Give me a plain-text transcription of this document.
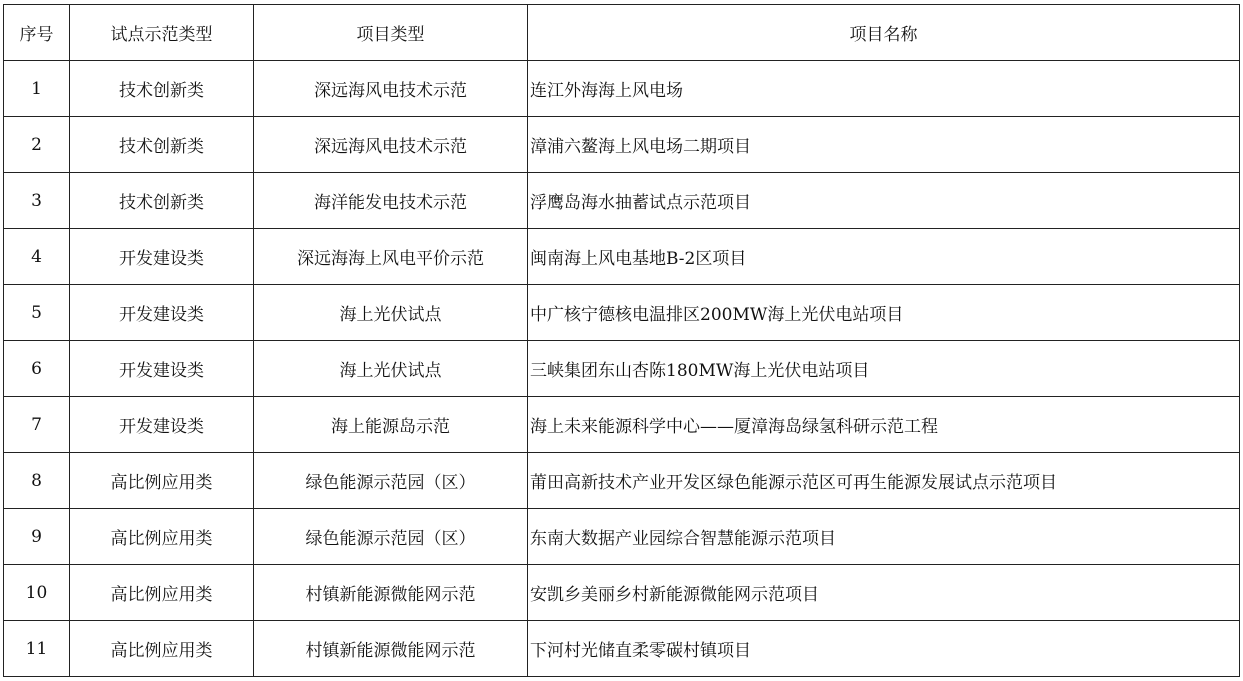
序号	试点示范类型	项目类型	项目名称
1	技术创新类	深远海风电技术示范	连江外海海上风电场
2	技术创新类	深远海风电技术示范	漳浦六鳌海上风电场二期项目
3	技术创新类	海洋能发电技术示范	浮鹰岛海水抽蓄试点示范项目
4	开发建设类	深远海海上风电平价示范	闽南海上风电基地B-2区项目
5	开发建设类	海上光伏试点	中广核宁德核电温排区200MW海上光伏电站项目
6	开发建设类	海上光伏试点	三峡集团东山杏陈180MW海上光伏电站项目
7	开发建设类	海上能源岛示范	海上未来能源科学中心——厦漳海岛绿氢科研示范工程
8	高比例应用类	绿色能源示范园（区）	莆田高新技术产业开发区绿色能源示范区可再生能源发展试点示范项目
9	高比例应用类	绿色能源示范园（区）	东南大数据产业园综合智慧能源示范项目
10	高比例应用类	村镇新能源微能网示范	安凯乡美丽乡村新能源微能网示范项目
11	高比例应用类	村镇新能源微能网示范	下河村光储直柔零碳村镇项目
